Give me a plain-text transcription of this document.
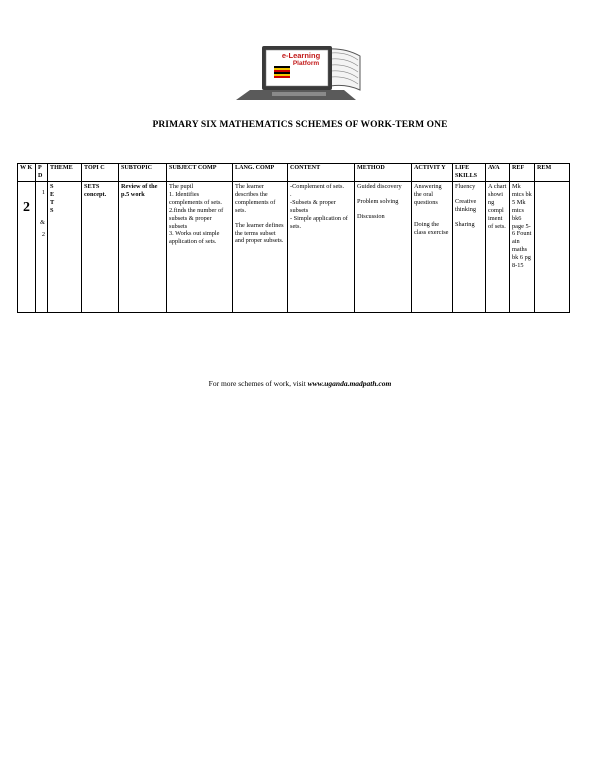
e-Learning
Platform
PRIMARY SIX MATHEMATICS SCHEMES OF WORK-TERM ONE
W K	P D	THEME	TOPI C	SUBTOPIC	SUBJECT COMP	LANG. COMP	CONTENT	METHOD	ACTIVIT Y	LIFE SKILLS	AVA	REF	REM

2	1
&
2	S
E
T
S	SETS concept.	Review of the p.5 work	The pupil
1. Identifies complements of sets.
2.finds the number of subsets & proper subsets
3. Works out simple application of sets.	The learner describes the complements of sets.
The learner defines the terms subset and proper subsets.	-Complement of sets.
.
-Subsets & proper subsets
- Simple application of sets.	Guided discovery
Problem solving
Discussion	Answering the oral questions
Doing the class exercise	Fluency
Creative thinking
Sharing	A chart showi ng compl iment of sets.	Mk mtcs bk 5 Mk mtcs bk6 page 5-6 Fount ain maths bk 6 pg 8-15	
For more schemes of work, visit www.uganda.madpath.com
